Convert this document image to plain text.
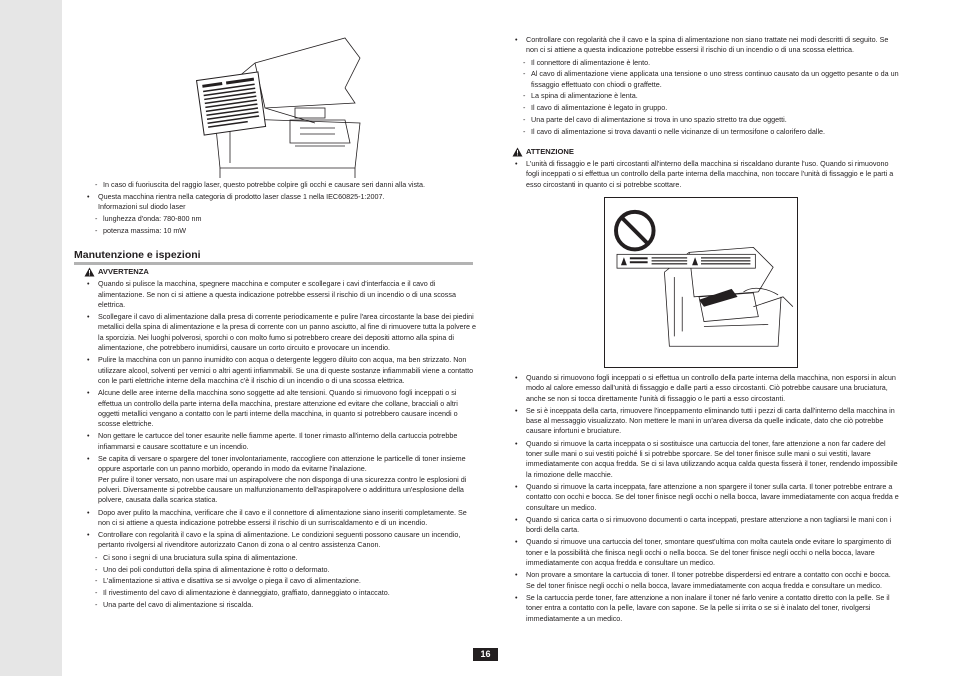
- In caso di fuoriuscita del raggio laser, questo potrebbe colpire gli occhi e causare seri danni alla vista.
• Questa macchina rientra nella categoria di prodotto laser classe 1 nella IEC60825-1:2007.
Informazioni sul diodo laser
- lunghezza d'onda: 780-800 nm
- potenza massima: 10 mW
Manutenzione e ispezioni
AVVERTENZA
• Quando si pulisce la macchina, spegnere macchina e computer e scollegare i cavi d'interfaccia e il cavo di alimentazione. Se non ci si attiene a questa indicazione potrebbe essersi il rischio di un incendio o di una scossa elettrica.
• Scollegare il cavo di alimentazione dalla presa di corrente periodicamente e pulire l'area circostante la base dei piedini metallici della spina di alimentazione e la presa di corrente con un panno asciutto, al fine di rimuovere tutta la polvere e la sporcizia. Nei luoghi polverosi, sporchi o con molto fumo si potrebbero creare dei depositi attorno alla spina di alimentazione, che potrebbero inumidirsi, causare un corto circuito e provocare un incendio.
• Pulire la macchina con un panno inumidito con acqua o detergente leggero diluito con acqua, ma ben strizzato. Non utilizzare alcool, solventi per vernici o altri agenti infiammabili. Se una di queste sostanze infiammabili viene a contatto con le parti elettriche interne della macchina c'è il rischio di un incendio o di una scossa elettrica.
• Alcune delle aree interne della macchina sono soggette ad alte tensioni. Quando si rimuovono fogli inceppati o si effettua un controllo della parte interna della macchina, prestare attenzione ed evitare che collane, braccialі o altri oggetti metallici vengano a contatto con le parti interne della macchina, in quanto si potrebbero causare incendi o scosse elettriche.
• Non gettare le cartucce del toner esaurite nelle fiamme aperte. Il toner rimasto all'interno della cartuccia potrebbe infiammarsi e causare scottature e un incendio.
• Se capita di versare o spargere del toner involontariamente, raccogliere con attenzione le particelle di toner insieme oppure asportarle con un panno morbido, operando in modo da evitarne l'inalazione.
Per pulire il toner versato, non usare mai un aspirapolvere che non disponga di una sicurezza contro le esplosioni di polveri. Diversamente si potrebbe causare un malfunzionamento dell'aspirapolvere o addirittura un'esplosione della polvere, causata dalla scarica statica.
• Dopo aver pulito la macchina, verificare che il cavo e il connettore di alimentazione siano inseriti completamente. Se non ci si attiene a questa indicazione potrebbe essersi il rischio di un surriscaldamento e di un incendio.
• Controllare con regolarità il cavo e la spina di alimentazione. Le condizioni seguenti possono causare un incendio, pertanto rivolgersi al rivenditore autorizzato Canon di zona o al centro assistenza Canon.
- Ci sono i segni di una bruciatura sulla spina di alimentazione.
- Uno dei poli conduttori della spina di alimentazione è rotto o deformato.
- L'alimentazione si attiva e disattiva se si avvolge o piega il cavo di alimentazione.
- Il rivestimento del cavo di alimentazione è danneggiato, graffiato, danneggiato o intaccato.
- Una parte del cavo di alimentazione si riscalda.
• Controllare con regolarità che il cavo e la spina di alimentazione non siano trattate nei modi descritti di seguito. Se non ci si attiene a questa indicazione potrebbe essersi il rischio di un incendio o di una scossa elettrica.
- Il connettore di alimentazione è lento.
- Al cavo di alimentazione viene applicata una tensione o uno stress continuo causato da un oggetto pesante o da un fissaggio effettuato con chiodi o graffette.
- La spina di alimentazione è lenta.
- Il cavo di alimentazione è legato in gruppo.
- Una parte del cavo di alimentazione si trova in uno spazio stretto tra due oggetti.
- Il cavo di alimentazione si trova davanti o nelle vicinanze di un termosifone o calorifero dalle.
ATTENZIONE
• L'unità di fissaggio e le parti circostanti all'interno della macchina si riscaldano durante l'uso. Quando si rimuovono fogli inceppati o si effettua un controllo della parte interna della macchina, non toccare l'unità di fissaggio e le parti a esso circostanti in quanto ci si potrebbe scottare.
• Quando si rimuovono fogli inceppati o si effettua un controllo della parte interna della macchina, non esporsi in alcun modo al calore emesso dall'unità di fissaggio e dalle parti a esso circostanti. Ciò potrebbe causare una bruciatura, anche se non si tocca direttamente l'unità di fissaggio o le parti a esso circostanti.
• Se si è inceppata della carta, rimuovere l'inceppamento eliminando tutti i pezzi di carta dall'interno della macchina in base al messaggio visualizzato. Non mettere le mani in un'area diversa da quelle indicate, dato che ciò potrebbe causare infortuni e bruciature.
• Quando si rimuove la carta inceppata o si sostituisce una cartuccia del toner, fare attenzione a non far cadere del toner sulle mani o sui vestiti poiché li si potrebbe sporcare. Se del toner finisce sulle mani o sui vestiti, lavare immediatamente con acqua fredda. Se ci si lava utilizzando acqua calda questa fisserà il toner, rendendo impossibile la rimozione delle macchie.
• Quando si rimuove la carta inceppata, fare attenzione a non spargere il toner sulla carta. Il toner potrebbe entrare a contatto con occhi e bocca. Se del toner finisce negli occhi o nella bocca, lavare immediatamente con acqua fredda e consultare un medico.
• Quando si carica carta o si rimuovono documenti o carta inceppati, prestare attenzione a non tagliarsi le mani con i bordi della carta.
• Quando si rimuove una cartuccia del toner, smontare quest'ultima con molta cautela onde evitare lo spargimento di toner e la possibilità che finisca negli occhi o nella bocca. Se del toner finisce negli occhi o nella bocca, lavare immediatamente con acqua fredda e consultare un medico.
• Non provare a smontare la cartuccia di toner. Il toner potrebbe disperdersi ed entrare a contatto con occhi e bocca. Se del toner finisce negli occhi o nella bocca, lavare immediatamente con acqua fredda e consultare un medico.
• Se la cartuccia perde toner, fare attenzione a non inalare il toner né farlo venire a contatto diretto con la pelle. Se il toner entra a contatto con la pelle, lavare con sapone. Se la pelle si irrita o se si è inalato del toner, rivolgersi immediatamente a un medico.
16
